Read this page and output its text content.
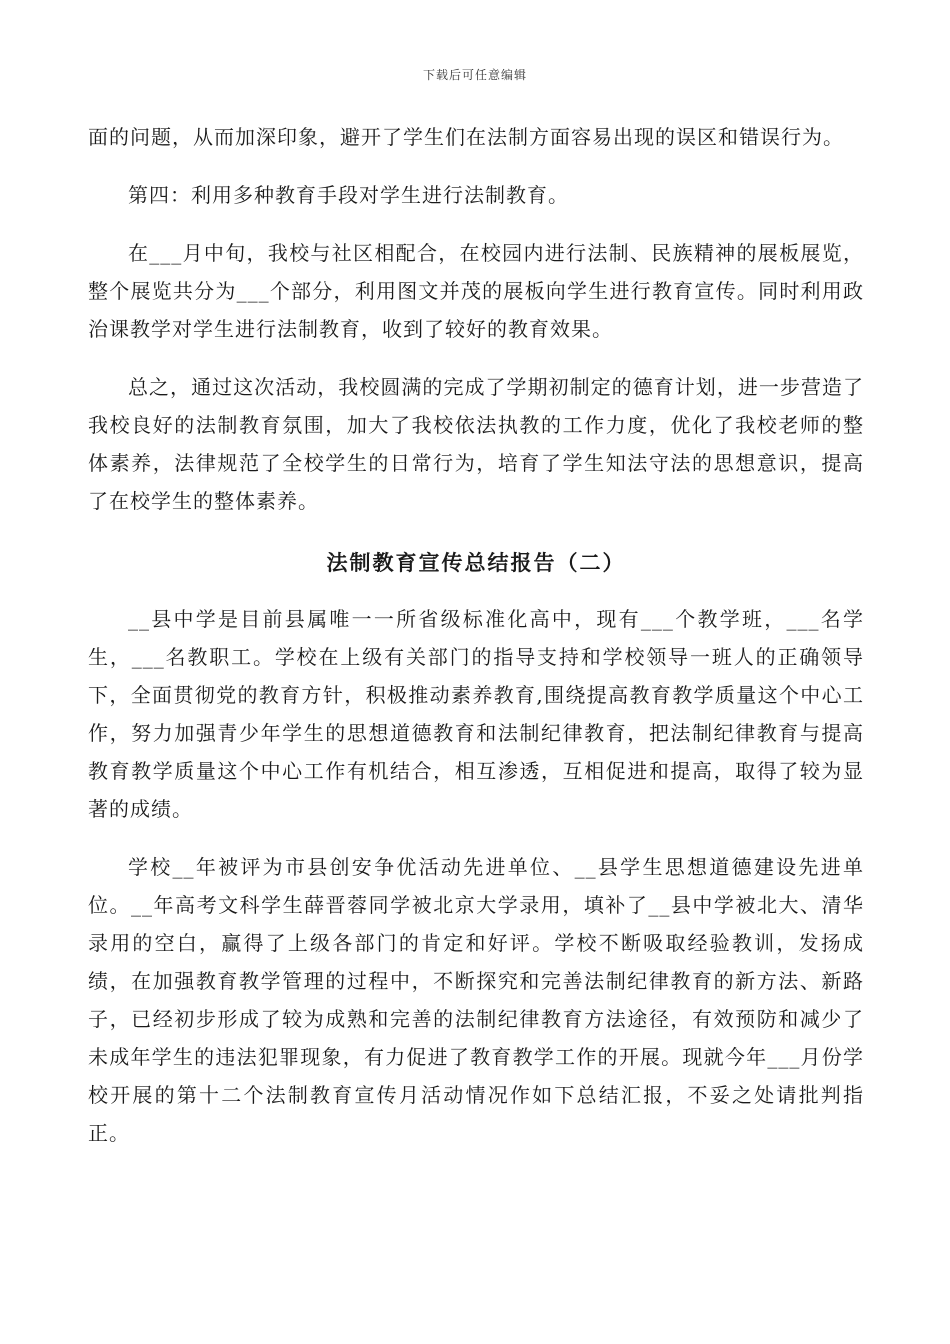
下载后可任意编辑

面的问题，从而加深印象，避开了学生们在法制方面容易出现的误区和错误行为。

第四：利用多种教育手段对学生进行法制教育。

在___月中旬，我校与社区相配合，在校园内进行法制、民族精神的展板展览，整个展览共分为___个部分，利用图文并茂的展板向学生进行教育宣传。同时利用政治课教学对学生进行法制教育，收到了较好的教育效果。

总之，通过这次活动，我校圆满的完成了学期初制定的德育计划，进一步营造了我校良好的法制教育氛围，加大了我校依法执教的工作力度，优化了我校老师的整体素养，法律规范了全校学生的日常行为，培育了学生知法守法的思想意识，提高了在校学生的整体素养。

法制教育宣传总结报告（二）

__县中学是目前县属唯一一所省级标准化高中，现有___个教学班，___名学生，___名教职工。学校在上级有关部门的指导支持和学校领导一班人的正确领导下，全面贯彻党的教育方针，积极推动素养教育,围绕提高教育教学质量这个中心工作，努力加强青少年学生的思想道德教育和法制纪律教育，把法制纪律教育与提高教育教学质量这个中心工作有机结合，相互渗透，互相促进和提高，取得了较为显著的成绩。

学校__年被评为市县创安争优活动先进单位、__县学生思想道德建设先进单位。__年高考文科学生薛晋蓉同学被北京大学录用，填补了__县中学被北大、清华录用的空白，赢得了上级各部门的肯定和好评。学校不断吸取经验教训，发扬成绩，在加强教育教学管理的过程中，不断探究和完善法制纪律教育的新方法、新路子，已经初步形成了较为成熟和完善的法制纪律教育方法途径，有效预防和减少了未成年学生的违法犯罪现象，有力促进了教育教学工作的开展。现就今年___月份学校开展的第十二个法制教育宣传月活动情况作如下总结汇报，不妥之处请批判指正。
